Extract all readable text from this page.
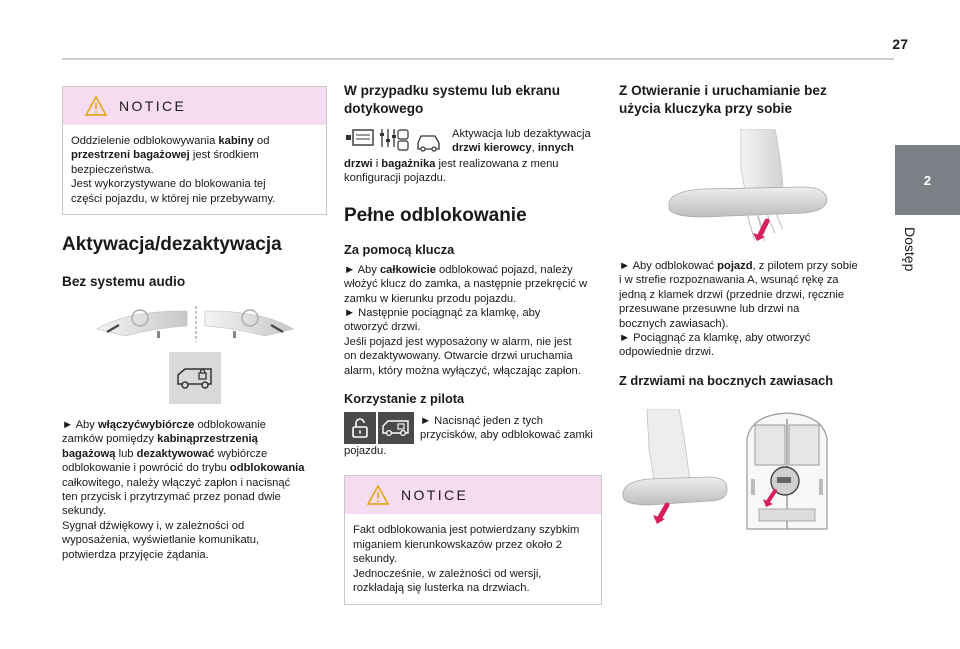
27
2
Dostęp
NOTICE

Oddzielenie odblokowywania kabiny od
przestrzeni bagażowej jest środkiem
bezpieczeństwa.
Jest wykorzystywane do blokowania tej
części pojazdu, w której nie przebywamy.

Aktywacja/dezaktywacja
Bez systemu audio

► Aby włączyćwybiórcze odblokowanie
zamków pomiędzy kabinąprzestrzenią
bagażową lub dezaktywować wybiórcze
odblokowanie i powrócić do trybu odblokowania
całkowitego, należy włączyć zapłon i nacisnąć
ten przycisk i przytrzymać przez ponad dwie
sekundy.
Sygnał dźwiękowy i, w zależności od
wyposażenia, wyświetlanie komunikatu,
potwierdza przyjęcie żądania.

W przypadku systemu lub ekranu
dotykowego

Aktywacja lub dezaktywacja
drzwi kierowcy, innych

drzwi i bagażnika jest realizowana z menu
konfiguracji pojazdu.

Pełne odblokowanie
Za pomocą klucza

► Aby całkowicie odblokować pojazd, należy
włożyć klucz do zamka, a następnie przekręcić w
zamku w kierunku przodu pojazdu.
► Następnie pociągnąć za klamkę, aby
otworzyć drzwi.
Jeśli pojazd jest wyposażony w alarm, nie jest
on dezaktywowany. Otwarcie drzwi uruchamia
alarm, który można wyłączyć, włączając zapłon.

Korzystanie z pilota

► Nacisnąć jeden z tych
przycisków, aby odblokować zamki

pojazdu.

NOTICE

Fakt odblokowania jest potwierdzany szybkim
miganiem kierunkowskazów przez około 2
sekundy.
Jednocześnie, w zależności od wersji,
rozkładają się lusterka na drzwiach.

Z Otwieranie i uruchamianie bez
użycia kluczyka przy sobie

► Aby odblokować pojazd, z pilotem przy sobie
i w strefie rozpoznawania A, wsunąć rękę za
jedną z klamek drzwi (przednie drzwi, ręcznie
przesuwane przesuwne lub drzwi na
bocznych zawiasach).
► Pociągnąć za klamkę, aby otworzyć
odpowiednie drzwi.

Z drzwiami na bocznych zawiasach
